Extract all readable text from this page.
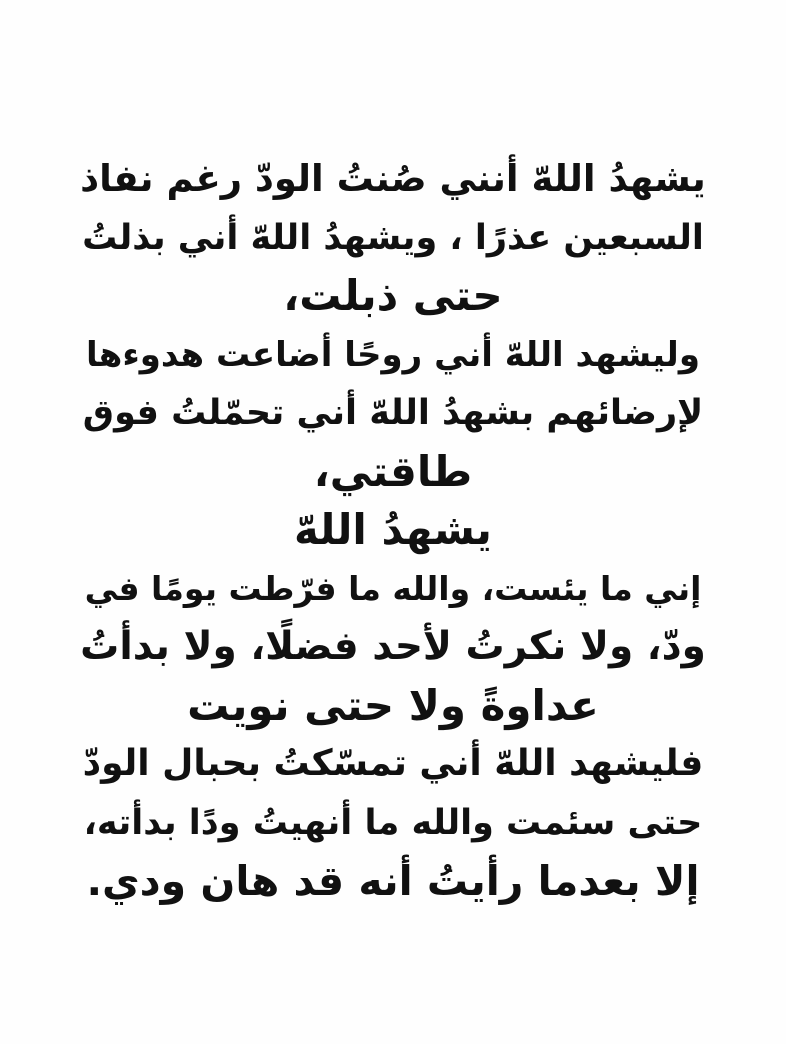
يشهدُ اللهّ أنني صُنتُ الودّ رغم نفاذ
السبعين عذرًا ، ويشهدُ اللهّ أني بذلتُ
حتى ذبلت،
وليشهد اللهّ أني روحًا أضاعت هدوءها
لإرضائهم بشهدُ اللهّ أني تحمّلتُ فوق
طاقتي،
يشهدُ اللهّ
إني ما يئست، والله ما فرّطت يومًا في
ودّ، ولا نكرتُ لأحد فضلًا، ولا بدأتُ
عداوةً ولا حتى نويت
فليشهد اللهّ أني تمسّكتُ بحبال الودّ
حتى سئمت والله ما أنهيتُ ودًا بدأته،
إلا بعدما رأيتُ أنه قد هان ودي.
